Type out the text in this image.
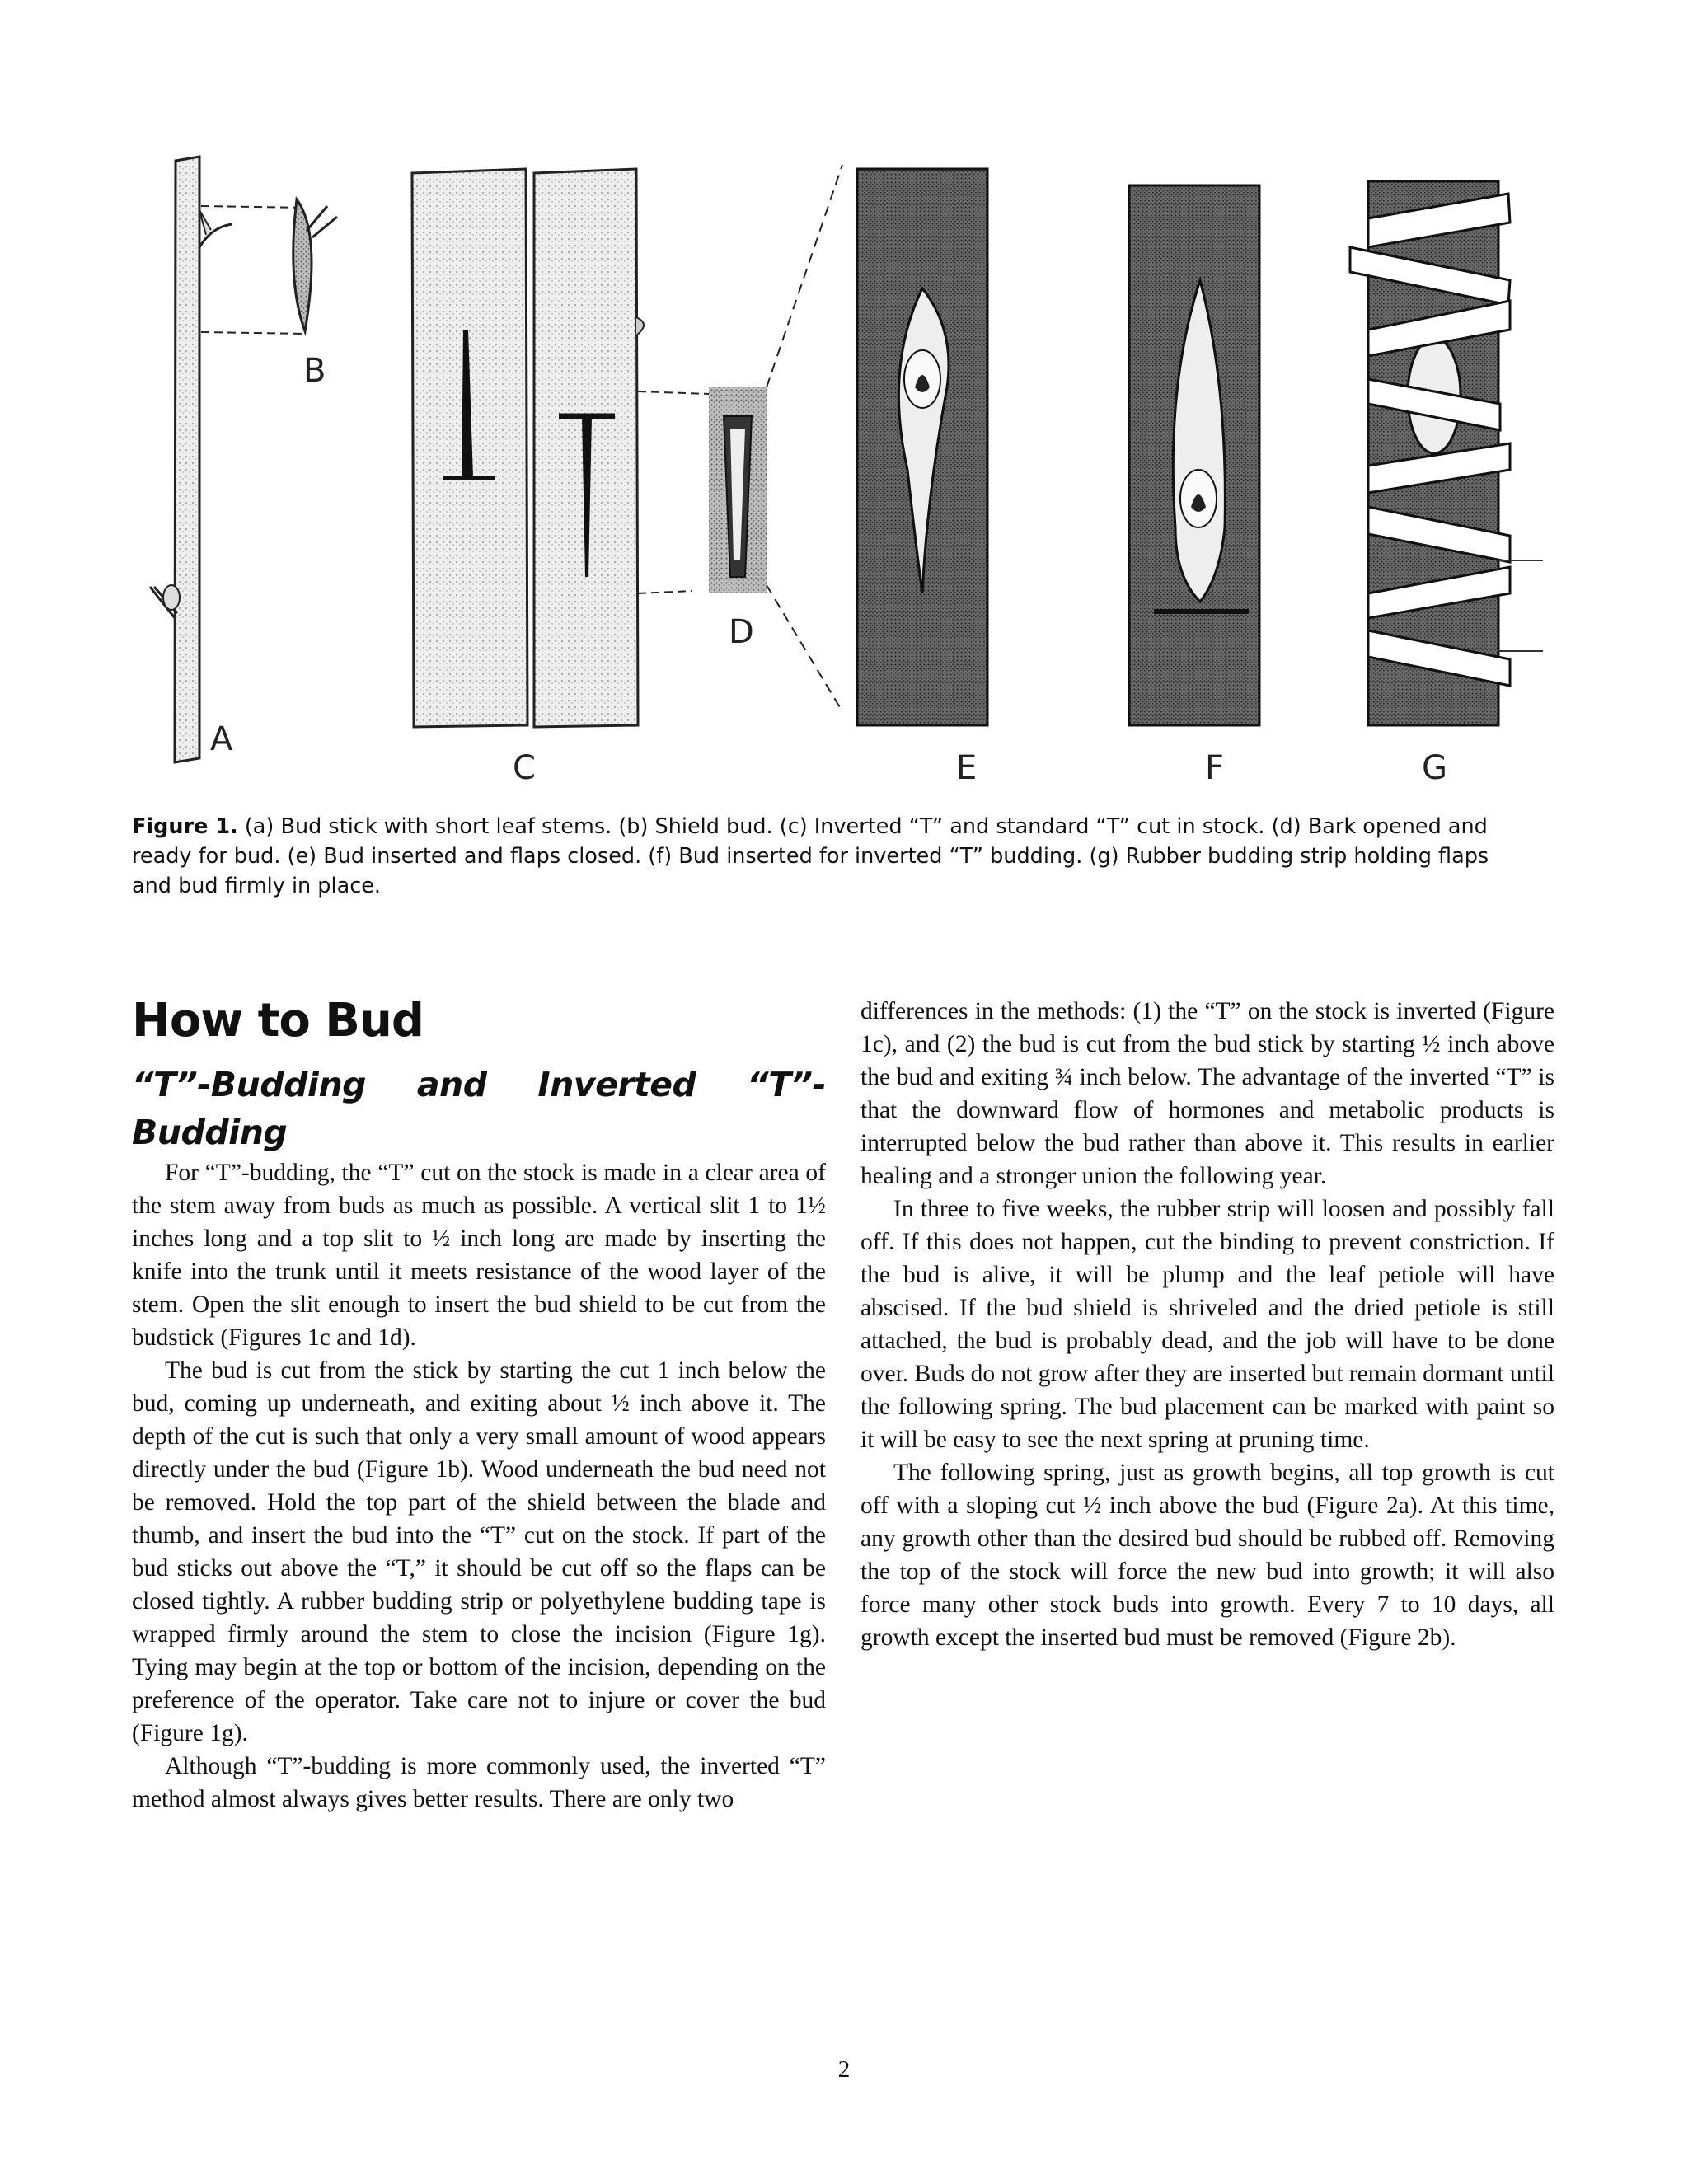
A
B
C
D
E	F	G
Figure 1. (a) Bud stick with short leaf stems. (b) Shield bud. (c) Inverted “T” and standard “T” cut in stock. (d) Bark opened and ready for bud. (e) Bud inserted and flaps closed. (f) Bud inserted for inverted “T” budding. (g) Rubber budding strip holding flaps and bud firmly in place.
How to Bud
“T”-Budding and Inverted “T”-Budding

For “T”-budding, the “T” cut on the stock is made in a clear area of the stem away from buds as much as possible. A vertical slit 1 to 1½ inches long and a top slit to ½ inch long are made by inserting the knife into the trunk until it meets resistance of the wood layer of the stem. Open the slit enough to insert the bud shield to be cut from the budstick (Figures 1c and 1d).

The bud is cut from the stick by starting the cut 1 inch below the bud, coming up underneath, and exiting about ½ inch above it. The depth of the cut is such that only a very small amount of wood appears directly under the bud (Figure 1b). Wood underneath the bud need not be removed. Hold the top part of the shield between the blade and thumb, and insert the bud into the “T” cut on the stock. If part of the bud sticks out above the “T,” it should be cut off so the flaps can be closed tightly. A rubber budding strip or polyethylene budding tape is wrapped firmly around the stem to close the incision (Figure 1g). Tying may begin at the top or bottom of the incision, depending on the preference of the operator. Take care not to injure or cover the bud (Figure 1g).

Although “T”-budding is more commonly used, the inverted “T” method almost always gives better results. There are only two

differences in the methods: (1) the “T” on the stock is inverted (Figure 1c), and (2) the bud is cut from the bud stick by starting ½ inch above the bud and exiting ¾ inch below. The advantage of the inverted “T” is that the downward flow of hormones and metabolic products is interrupted below the bud rather than above it. This results in earlier healing and a stronger union the following year.

In three to five weeks, the rubber strip will loosen and possibly fall off. If this does not happen, cut the binding to prevent constriction. If the bud is alive, it will be plump and the leaf petiole will have abscised. If the bud shield is shriveled and the dried petiole is still attached, the bud is probably dead, and the job will have to be done over. Buds do not grow after they are inserted but remain dormant until the following spring. The bud placement can be marked with paint so it will be easy to see the next spring at pruning time.

The following spring, just as growth begins, all top growth is cut off with a sloping cut ½ inch above the bud (Figure 2a). At this time, any growth other than the desired bud should be rubbed off. Removing the top of the stock will force the new bud into growth; it will also force many other stock buds into growth. Every 7 to 10 days, all growth except the inserted bud must be removed (Figure 2b).

2
